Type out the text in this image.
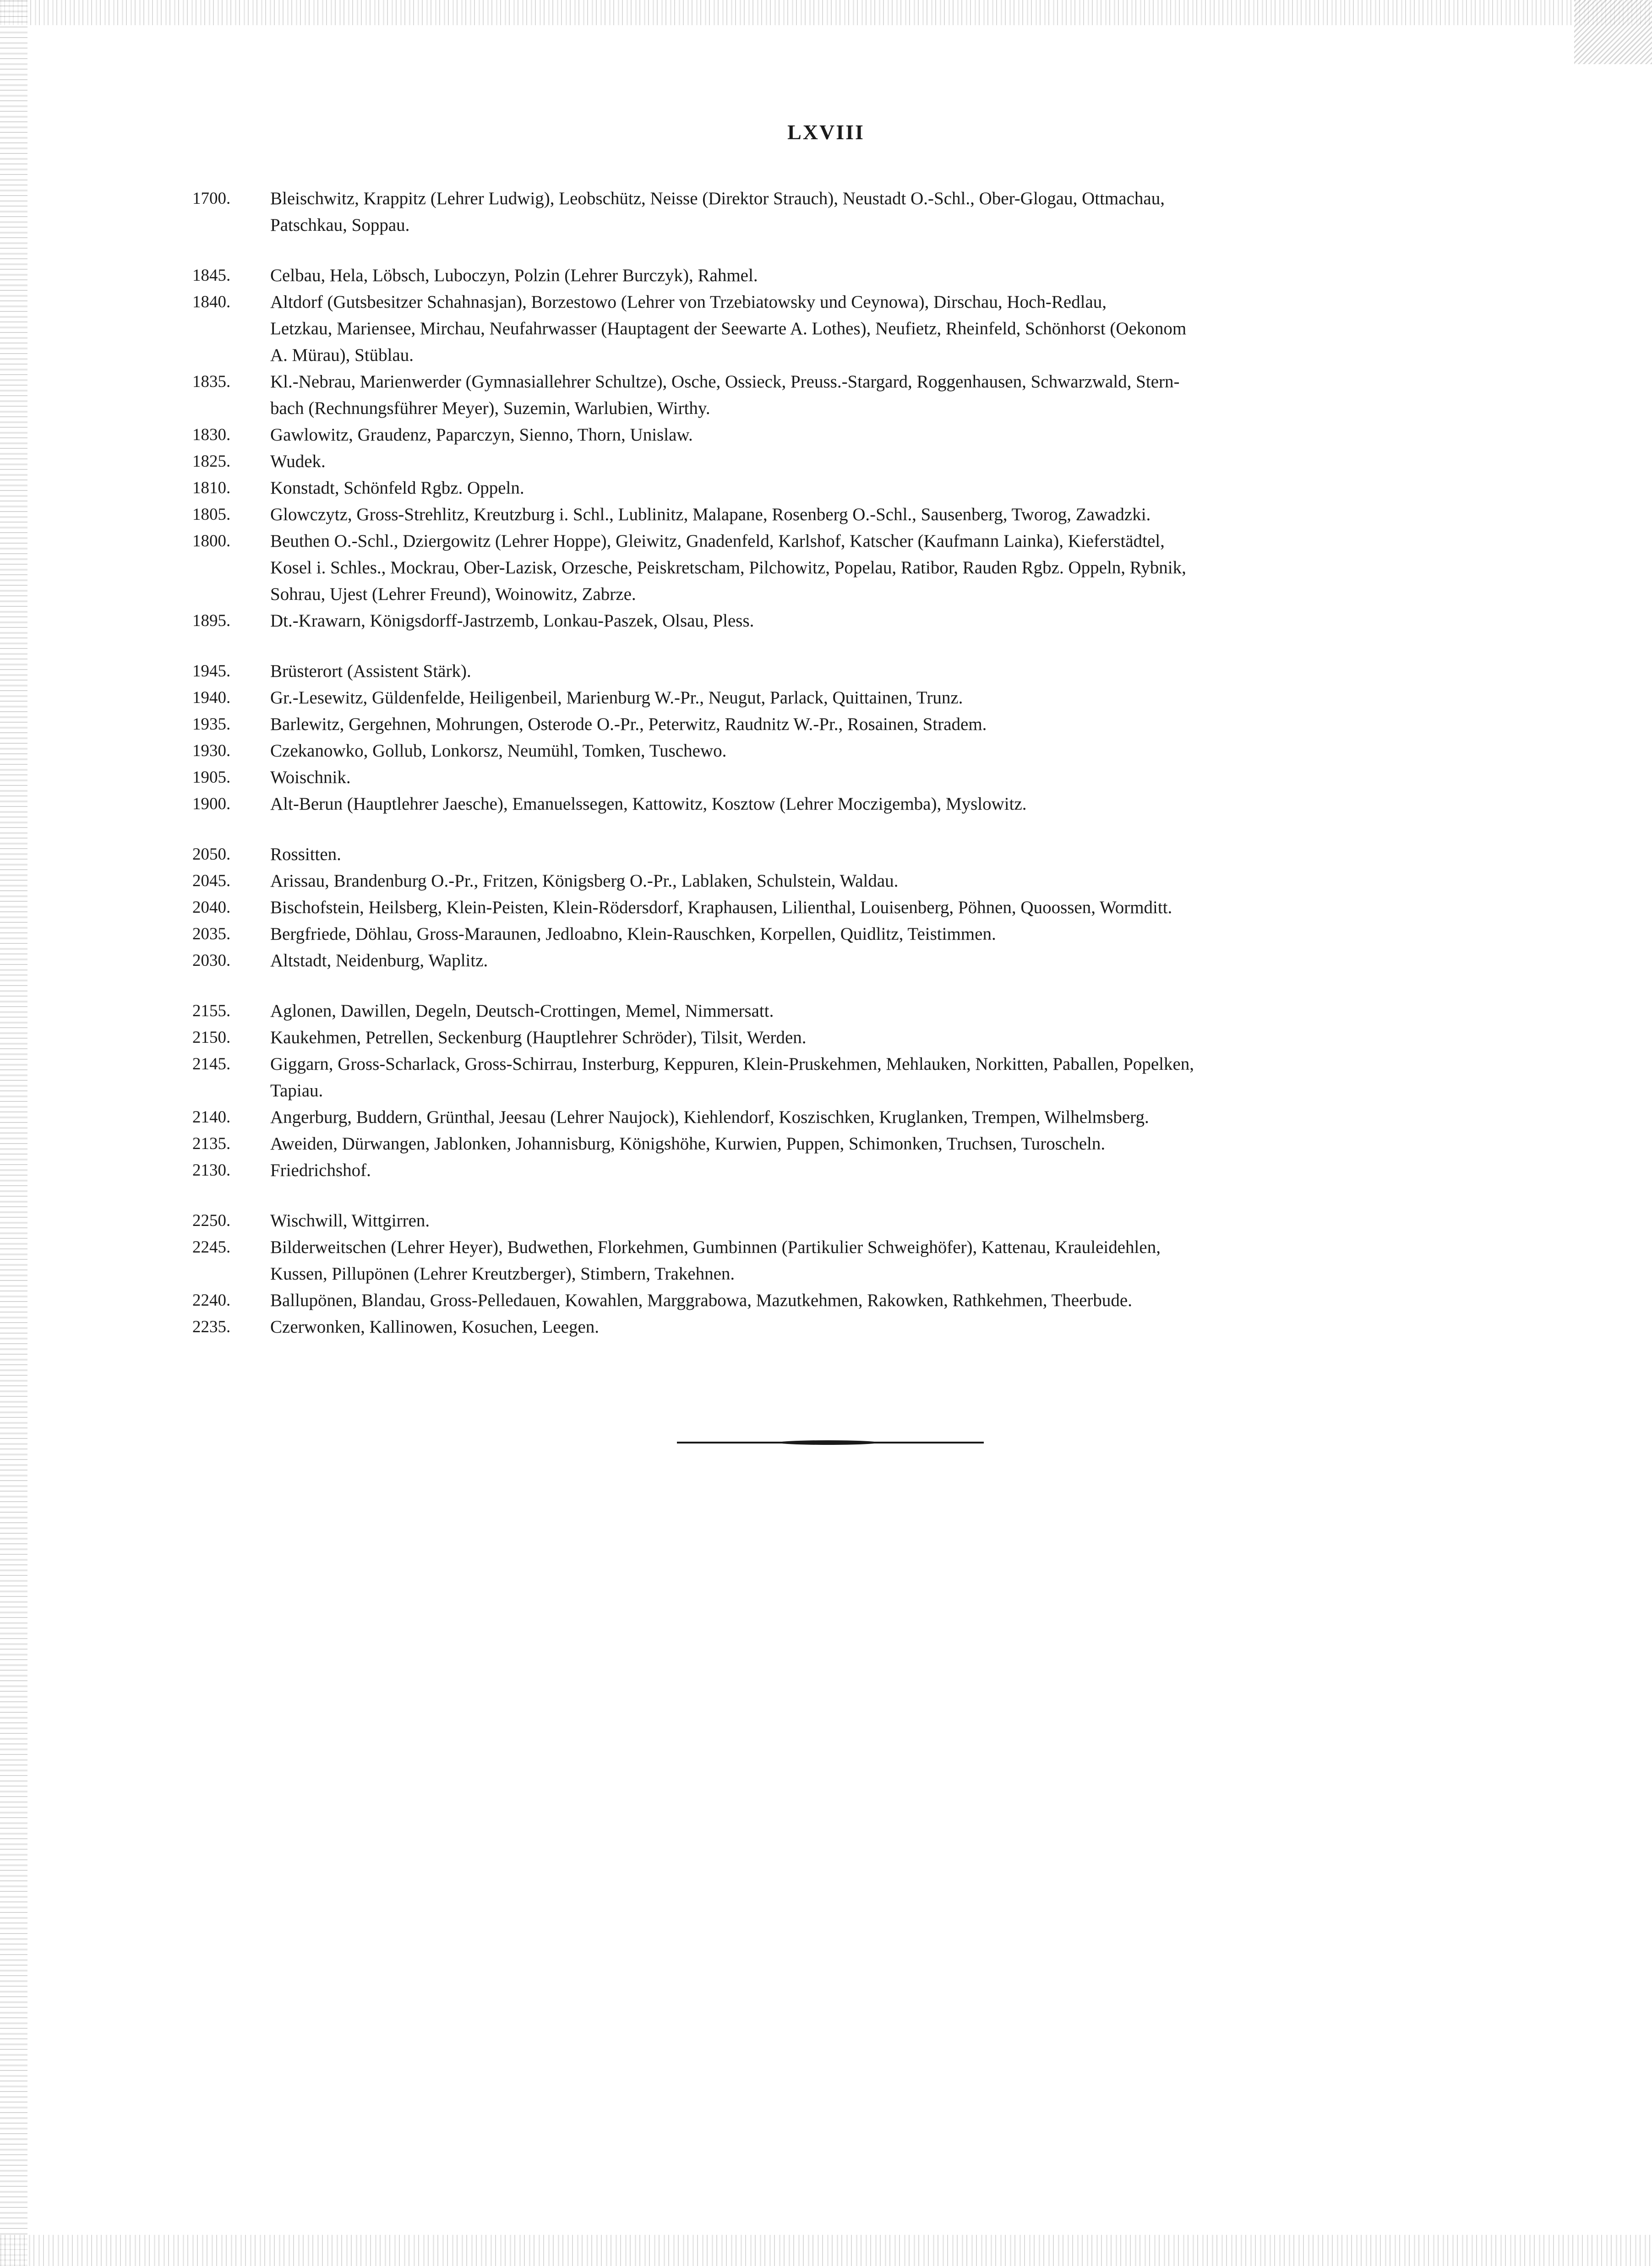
LXVIII
1700.	Bleischwitz, Krappitz (Lehrer Ludwig), Leobschütz, Neisse (Direktor Strauch), Neustadt O.-Schl., Ober-Glogau, Ottmachau,
Patschkau, Soppau.
1845.	Celbau, Hela, Löbsch, Luboczyn, Polzin (Lehrer Burczyk), Rahmel.
1840.	Altdorf (Gutsbesitzer Schahnasjan), Borzestowo (Lehrer von Trzebiatowsky und Ceynowa), Dirschau, Hoch-Redlau,
Letzkau, Mariensee, Mirchau, Neufahrwasser (Hauptagent der Seewarte A. Lothes), Neufietz, Rheinfeld, Schönhorst (Oekonom
A. Mürau), Stüblau.
1835.	Kl.-Nebrau, Marienwerder (Gymnasiallehrer Schultze), Osche, Ossieck, Preuss.-Stargard, Roggenhausen, Schwarzwald, Stern-
bach (Rechnungsführer Meyer), Suzemin, Warlubien, Wirthy.
1830.	Gawlowitz, Graudenz, Paparczyn, Sienno, Thorn, Unislaw.
1825.	Wudek.
1810.	Konstadt, Schönfeld Rgbz. Oppeln.
1805.	Glowczytz, Gross-Strehlitz, Kreutzburg i. Schl., Lublinitz, Malapane, Rosenberg O.-Schl., Sausenberg, Tworog, Zawadzki.
1800.	Beuthen O.-Schl., Dziergowitz (Lehrer Hoppe), Gleiwitz, Gnadenfeld, Karlshof, Katscher (Kaufmann Lainka), Kieferstädtel,
Kosel i. Schles., Mockrau, Ober-Lazisk, Orzesche, Peiskretscham, Pilchowitz, Popelau, Ratibor, Rauden Rgbz. Oppeln, Rybnik,
Sohrau, Ujest (Lehrer Freund), Woinowitz, Zabrze.
1895.	Dt.-Krawarn, Königsdorff-Jastrzemb, Lonkau-Paszek, Olsau, Pless.
1945.	Brüsterort (Assistent Stärk).
1940.	Gr.-Lesewitz, Güldenfelde, Heiligenbeil, Marienburg W.-Pr., Neugut, Parlack, Quittainen, Trunz.
1935.	Barlewitz, Gergehnen, Mohrungen, Osterode O.-Pr., Peterwitz, Raudnitz W.-Pr., Rosainen, Stradem.
1930.	Czekanowko, Gollub, Lonkorsz, Neumühl, Tomken, Tuschewo.
1905.	Woischnik.
1900.	Alt-Berun (Hauptlehrer Jaesche), Emanuelssegen, Kattowitz, Kosztow (Lehrer Moczigemba), Myslowitz.
2050.	Rossitten.
2045.	Arissau, Brandenburg O.-Pr., Fritzen, Königsberg O.-Pr., Lablaken, Schulstein, Waldau.
2040.	Bischofstein, Heilsberg, Klein-Peisten, Klein-Rödersdorf, Kraphausen, Lilienthal, Louisenberg, Pöhnen, Quoossen, Wormditt.
2035.	Bergfriede, Döhlau, Gross-Maraunen, Jedloabno, Klein-Rauschken, Korpellen, Quidlitz, Teistimmen.
2030.	Altstadt, Neidenburg, Waplitz.
2155.	Aglonen, Dawillen, Degeln, Deutsch-Crottingen, Memel, Nimmersatt.
2150.	Kaukehmen, Petrellen, Seckenburg (Hauptlehrer Schröder), Tilsit, Werden.
2145.	Giggarn, Gross-Scharlack, Gross-Schirrau, Insterburg, Keppuren, Klein-Pruskehmen, Mehlauken, Norkitten, Paballen, Popelken,
Tapiau.
2140.	Angerburg, Buddern, Grünthal, Jeesau (Lehrer Naujock), Kiehlendorf, Koszischken, Kruglanken, Trempen, Wilhelmsberg.
2135.	Aweiden, Dürwangen, Jablonken, Johannisburg, Königshöhe, Kurwien, Puppen, Schimonken, Truchsen, Turoscheln.
2130.	Friedrichshof.
2250.	Wischwill, Wittgirren.
2245.	Bilderweitschen (Lehrer Heyer), Budwethen, Florkehmen, Gumbinnen (Partikulier Schweighöfer), Kattenau, Krauleidehlen,
Kussen, Pillupönen (Lehrer Kreutzberger), Stimbern, Trakehnen.
2240.	Ballupönen, Blandau, Gross-Pelledauen, Kowahlen, Marggrabowa, Mazutkehmen, Rakowken, Rathkehmen, Theerbude.
2235.	Czerwonken, Kallinowen, Kosuchen, Leegen.
